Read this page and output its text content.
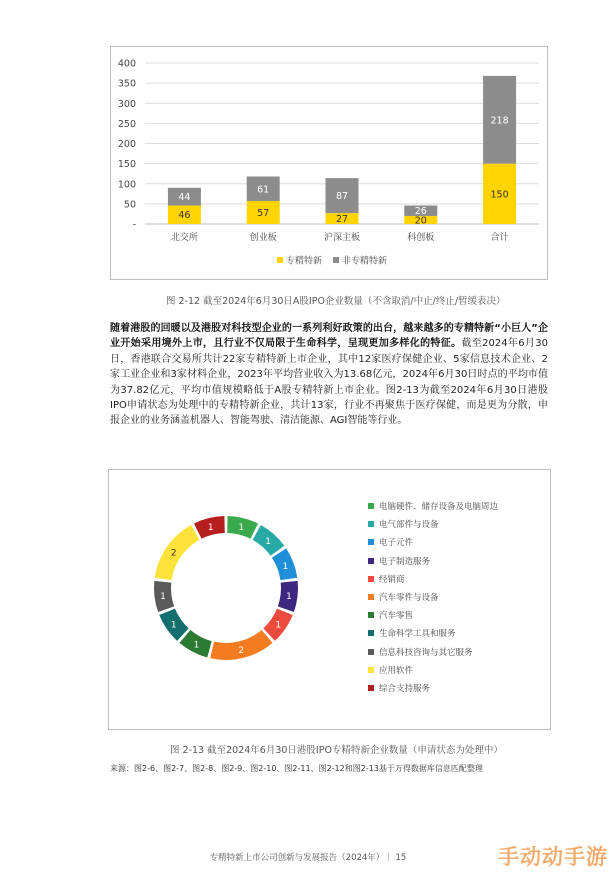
400
350
300
250
200
150
100
50
-
46
44
北交所
57
61
创业板
27
87
沪深主板
20
26
科创板
150
218
合计
专精特新 非专精特新
图 2-12 截至2024年6月30日A股IPO企业数量（不含取消/中止/终止/暂缓表决）
随着港股的回暖以及港股对科技型企业的一系列利好政策的出台，越来越多的专精特新“小巨人”企业开始采用境外上市，且行业不仅局限于生命科学，呈现更加多样化的特征。截至2024年6月30日，香港联合交易所共计22家专精特新上市企业，其中12家医疗保健企业、5家信息技术企业、2家工业企业和3家材料企业，2023年平均营业收入为13.68亿元，2024年6月30日时点的平均市值为37.82亿元，平均市值规模略低于A股专精特新上市企业。图2-13为截至2024年6月30日港股IPO申请状态为处理中的专精特新企业，共计13家，行业不再聚焦于医疗保健，而是更为分散，申报企业的业务涵盖机器人、智能驾驶、清洁能源、AGI智能等行业。
1
1
1
1
1
2
1
1
1
2
1
电脑硬件、储存设备及电脑周边
电气部件与设备
电子元件
电子制造服务
经销商
汽车零件与设备
汽车零售
生命科学工具和服务
信息科技咨询与其它服务
应用软件
综合支持服务
图 2-13 截至2024年6月30日港股IPO专精特新企业数量（申请状态为处理中）
来源：图2-6、图2-7、图2-8、图2-9、图2-10、图2-11、图2-12和图2-13基于万得数据库信息匹配整理
专精特新上市公司创新与发展报告（2024年）｜ 15	手动动手游
